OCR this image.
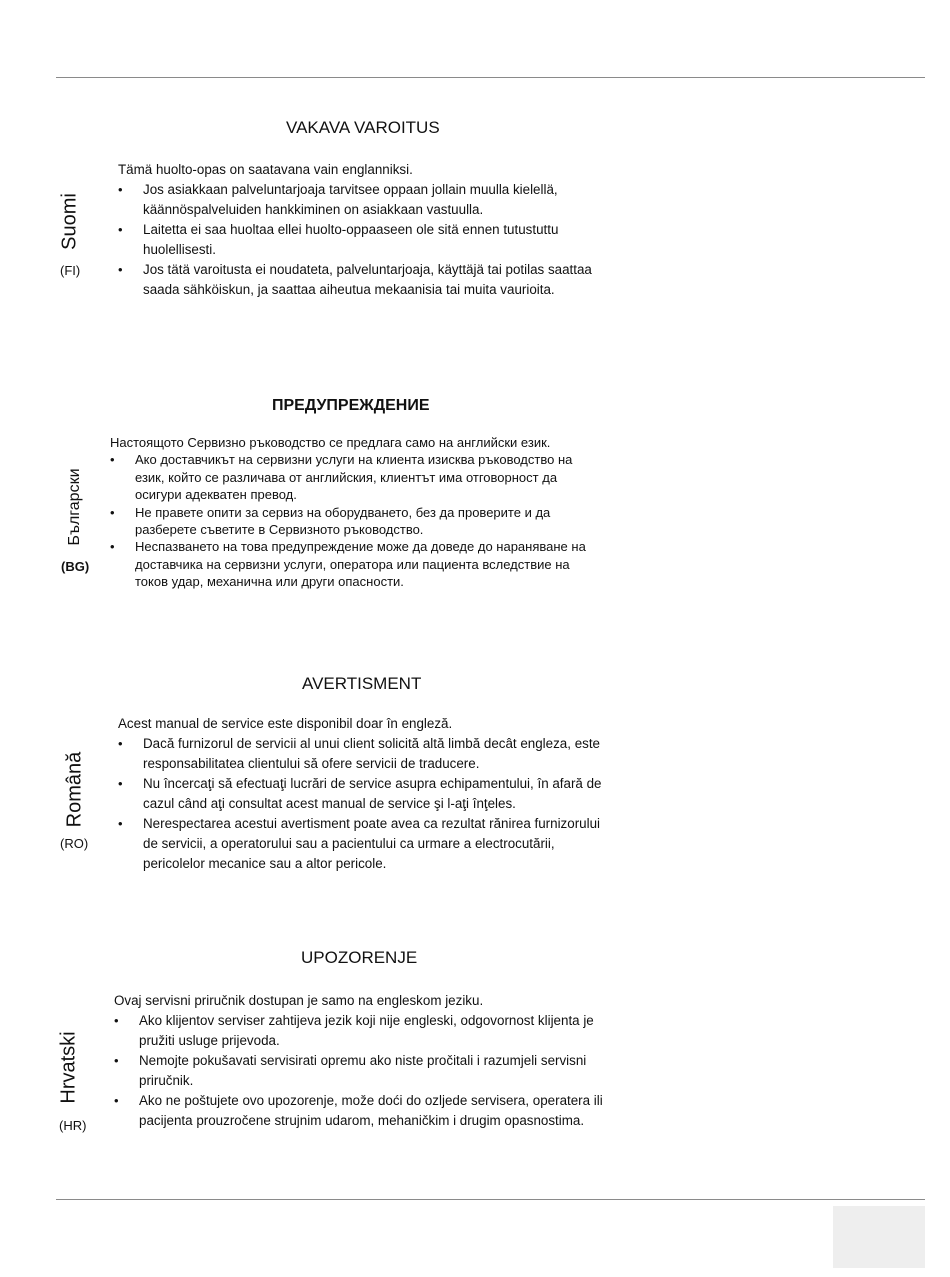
VAKAVA VAROITUS
Suomi
(FI)

Tämä huolto-opas on saatavana vain englanniksi.

•	Jos asiakkaan palveluntarjoaja tarvitsee oppaan jollain muulla kielellä, käännöspalveluiden hankkiminen on asiakkaan vastuulla.
•	Laitetta ei saa huoltaa ellei huolto-oppaaseen ole sitä ennen tutustuttu huolellisesti.
•	Jos tätä varoitusta ei noudateta, palveluntarjoaja, käyttäjä tai potilas saattaa saada sähköiskun, ja saattaa aiheutua mekaanisia tai muita vaurioita.
ПРЕДУПРЕЖДЕНИЕ
Български
(BG)

Настоящото Сервизно ръководство се предлага само на английски език.

•	Ако доставчикът на сервизни услуги на клиента изисква ръководство на език, който се различава от английския, клиентът има отговорност да осигури адекватен превод.
•	Не правете опити за сервиз на оборудването, без да проверите и да разберете съветите в Сервизното ръководство.
•	Неспазването на това предупреждение може да доведе до нараняване на доставчика на сервизни услуги, оператора или пациента вследствие на токов удар, механична или други опасности.
AVERTISMENT
Română
(RO)

Acest manual de service este disponibil doar în engleză.

•	Dacă furnizorul de servicii al unui client solicită altă limbă decât engleza, este responsabilitatea clientului să ofere servicii de traducere.
•	Nu încercaţi să efectuaţi lucrări de service asupra echipamentului, în afară de cazul când aţi consultat acest manual de service şi l-aţi înţeles.
•	Nerespectarea acestui avertisment poate avea ca rezultat rănirea furnizorului de servicii, a operatorului sau a pacientului ca urmare a electrocutării, pericolelor mecanice sau a altor pericole.
UPOZORENJE
Hrvatski
(HR)

Ovaj servisni priručnik dostupan je samo na engleskom jeziku.

•	Ako klijentov serviser zahtijeva jezik koji nije engleski, odgovornost klijenta je pružiti usluge prijevoda.
•	Nemojte pokušavati servisirati opremu ako niste pročitali i razumjeli servisni priručnik.
•	Ako ne poštujete ovo upozorenje, može doći do ozljede servisera, operatera ili pacijenta prouzročene strujnim udarom, mehaničkim i drugim opasnostima.
